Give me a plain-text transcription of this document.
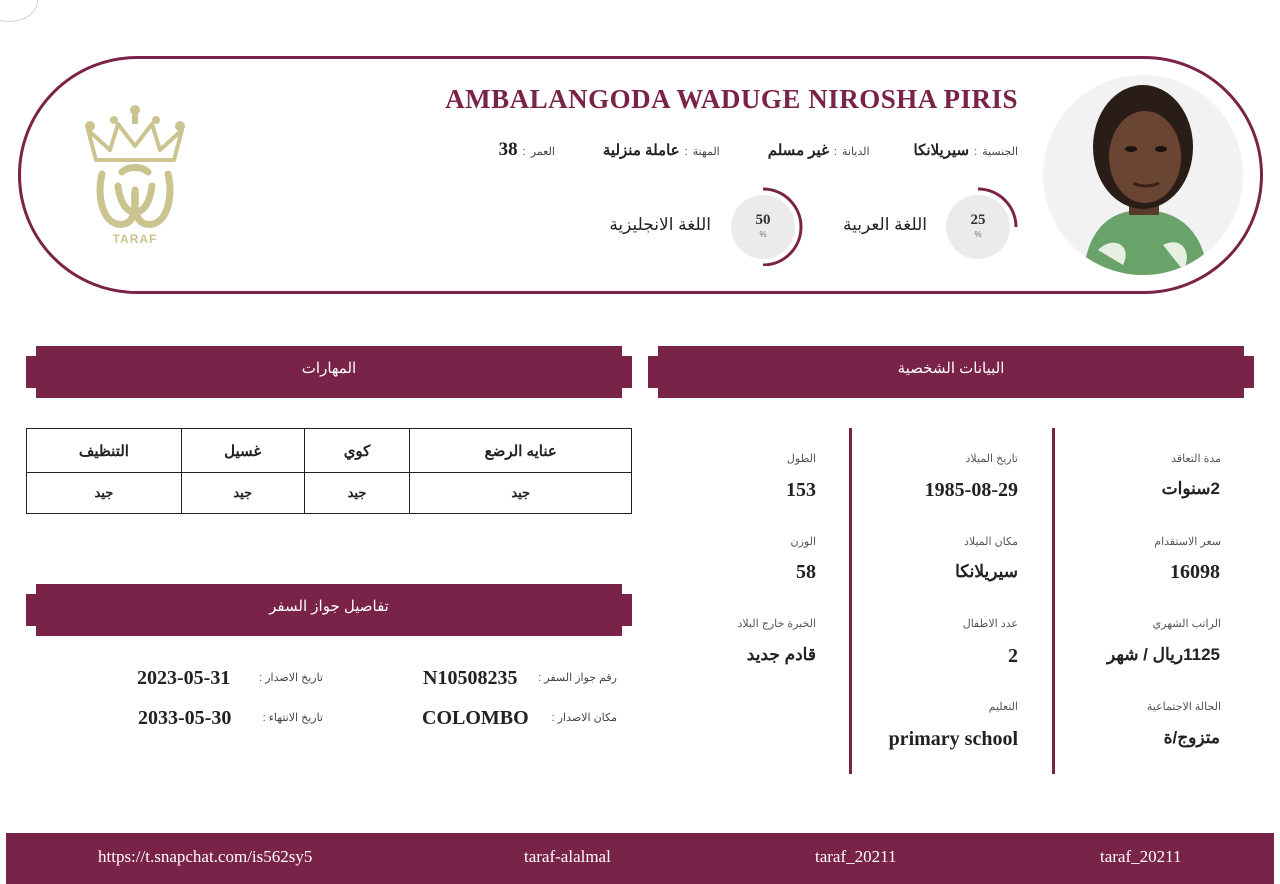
TARAF
AMBALANGODA WADUGE NIROSHA PIRIS
الجنسية
:
سيريلانكا
الديانة
:
غير مسلم
المهنة
:
عاملة منزلية
العمر
:
38
25
%
اللغة العربية
50
%
اللغة الانجليزية
المهارات
عنايه الرضع	كوي	غسيل	التنظيف
جيد	جيد	جيد	جيد
تفاصيل جواز السفر
رقم جواز السفر :
N10508235
تاريخ الاصدار :
2023-05-31
مكان الاصدار :
COLOMBO
تاريخ الانتهاء :
2033-05-30
البيانات الشخصية
مدة التعاقد
2سنوات
سعر الاستقدام
16098
الراتب الشهري
1125ريال / شهر
الحالة الاجتماعية
متزوج/ة
تاريخ الميلاد
1985-08-29
مكان الميلاد
سيريلانكا
عدد الاطفال
2
التعليم
primary school
الطول
153
الوزن
58
الخبرة خارج البلاد
قادم جديد
https://t.snapchat.com/is562sy5	taraf-alalmal	taraf_20211	taraf_20211
